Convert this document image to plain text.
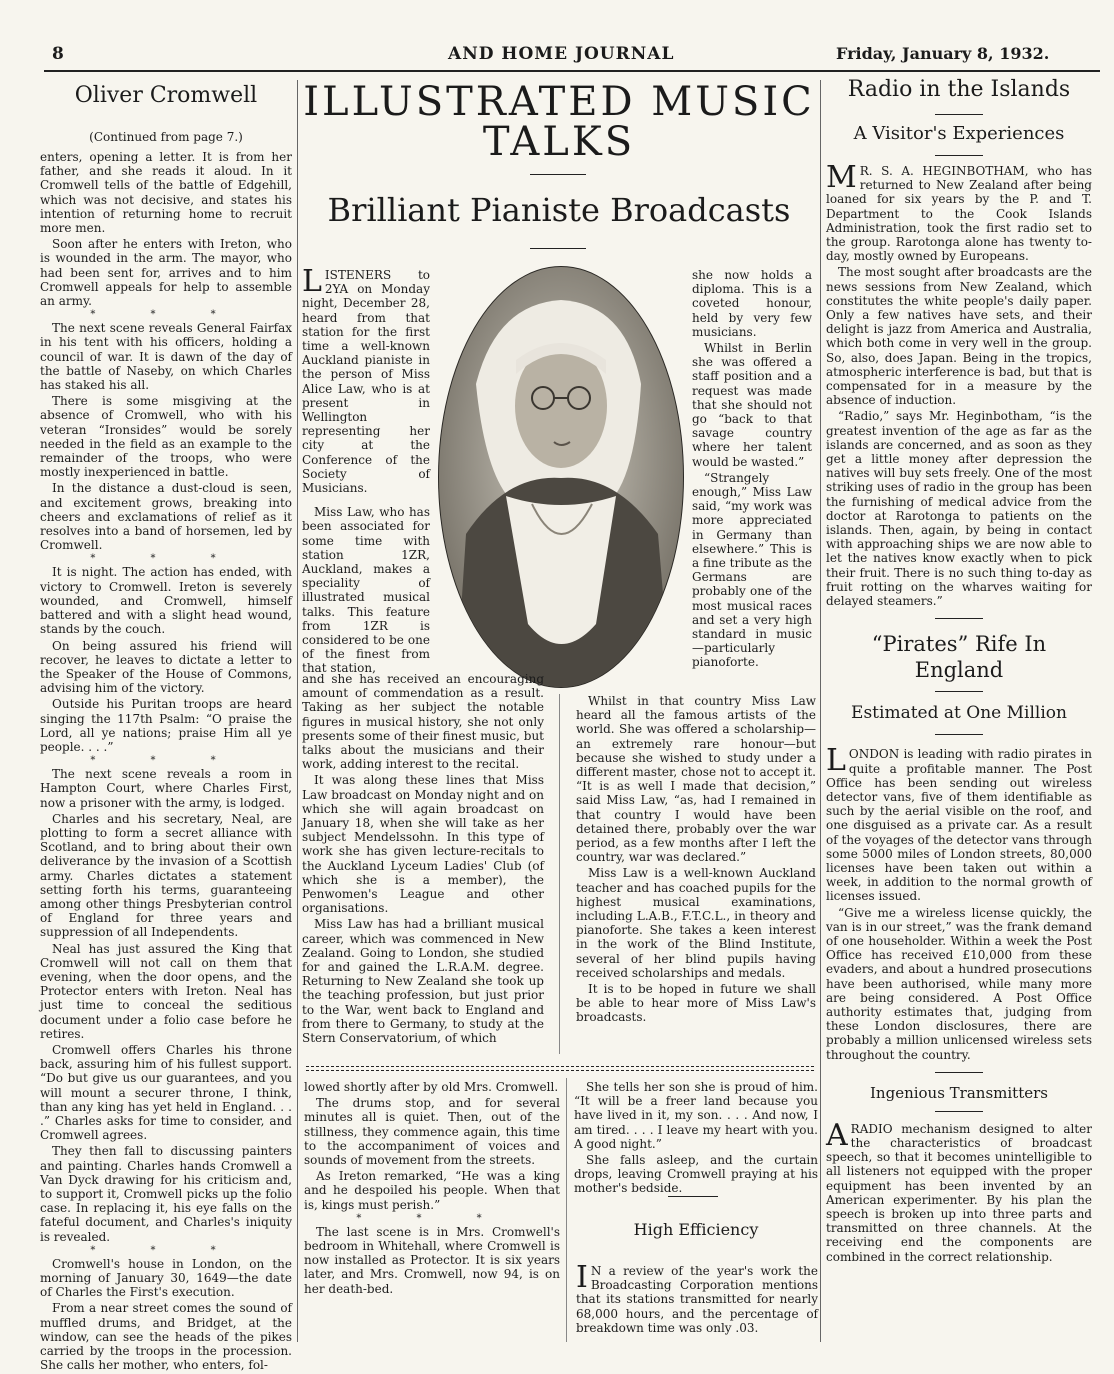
8	AND HOME JOURNAL	Friday, January 8, 1932.
Oliver Cromwell
(Continued from page 7.)

enters, opening a letter. It is from her father, and she reads it aloud. In it Cromwell tells of the battle of Edgehill, which was not decisive, and states his intention of returning home to recruit more men.

Soon after he enters with Ireton, who is wounded in the arm. The mayor, who had been sent for, arrives and to him Cromwell appeals for help to assemble an army.

* * *

The next scene reveals General Fairfax in his tent with his officers, holding a council of war. It is dawn of the day of the battle of Naseby, on which Charles has staked his all.

There is some misgiving at the absence of Cromwell, who with his veteran “Ironsides” would be sorely needed in the field as an example to the remainder of the troops, who were mostly inexperienced in battle.

In the distance a dust-cloud is seen, and excitement grows, breaking into cheers and exclamations of relief as it resolves into a band of horsemen, led by Cromwell.

* * *

It is night. The action has ended, with victory to Cromwell. Ireton is severely wounded, and Cromwell, himself battered and with a slight head wound, stands by the couch.

On being assured his friend will recover, he leaves to dictate a letter to the Speaker of the House of Commons, advising him of the victory.

Outside his Puritan troops are heard singing the 117th Psalm: “O praise the Lord, all ye nations; praise Him all ye people. . . .”

* * *

The next scene reveals a room in Hampton Court, where Charles First, now a prisoner with the army, is lodged.

Charles and his secretary, Neal, are plotting to form a secret alliance with Scotland, and to bring about their own deliverance by the invasion of a Scottish army. Charles dictates a statement setting forth his terms, guaranteeing among other things Presbyterian control of England for three years and suppression of all Independents.

Neal has just assured the King that Cromwell will not call on them that evening, when the door opens, and the Protector enters with Ireton. Neal has just time to conceal the seditious document under a folio case before he retires.

Cromwell offers Charles his throne back, assuring him of his fullest support. “Do but give us our guarantees, and you will mount a securer throne, I think, than any king has yet held in England. . . .” Charles asks for time to consider, and Cromwell agrees.

They then fall to discussing painters and painting. Charles hands Cromwell a Van Dyck drawing for his criticism and, to support it, Cromwell picks up the folio case. In replacing it, his eye falls on the fateful document, and Charles's iniquity is revealed.

* * *

Cromwell's house in London, on the morning of January 30, 1649—the date of Charles the First's execution.

From a near street comes the sound of muffled drums, and Bridget, at the window, can see the heads of the pikes carried by the troops in the procession. She calls her mother, who enters, fol-

ILLUSTRATED MUSIC TALKS
Brilliant Pianiste Broadcasts

LISTENERS to 2YA on Monday night, December 28, heard from that station for the first time a well-known Auckland pianiste in the person of Miss Alice Law, who is at present in Wellington representing her city at the Conference of the Society of Musicians.

Miss Law, who has been associated for some time with station 1ZR, Auckland, makes a speciality of illustrated musical talks. This feature from 1ZR is considered to be one of the finest from that station,

she now holds a diploma. This is a coveted honour, held by very few musicians.

Whilst in Berlin she was offered a staff position and a request was made that she should not go “back to that savage country where her talent would be wasted.”

“Strangely enough,” Miss Law said, “my work was more appreciated in Germany than elsewhere.” This is a fine tribute as the Germans are probably one of the most musical races and set a very high standard in music—particularly pianoforte.

and she has received an encouraging amount of commendation as a result. Taking as her subject the notable figures in musical history, she not only presents some of their finest music, but talks about the musicians and their work, adding interest to the recital.

It was along these lines that Miss Law broadcast on Monday night and on which she will again broadcast on January 18, when she will take as her subject Mendelssohn. In this type of work she has given lecture-recitals to the Auckland Lyceum Ladies' Club (of which she is a member), the Penwomen's League and other organisations.

Miss Law has had a brilliant musical career, which was commenced in New Zealand. Going to London, she studied for and gained the L.R.A.M. degree. Returning to New Zealand she took up the teaching profession, but just prior to the War, went back to England and from there to Germany, to study at the Stern Conservatorium, of which

Whilst in that country Miss Law heard all the famous artists of the world. She was offered a scholarship—an extremely rare honour—but because she wished to study under a different master, chose not to accept it. “It is as well I made that decision,” said Miss Law, “as, had I remained in that country I would have been detained there, probably over the war period, as a few months after I left the country, war was declared.”

Miss Law is a well-known Auckland teacher and has coached pupils for the highest musical examinations, including L.A.B., F.T.C.L., in theory and pianoforte. She takes a keen interest in the work of the Blind Institute, several of her blind pupils having received scholarships and medals.

It is to be hoped in future we shall be able to hear more of Miss Law's broadcasts.

lowed shortly after by old Mrs. Cromwell.

The drums stop, and for several minutes all is quiet. Then, out of the stillness, they commence again, this time to the accompaniment of voices and sounds of movement from the streets.

As Ireton remarked, “He was a king and he despoiled his people. When that is, kings must perish.”

* * *

The last scene is in Mrs. Cromwell's bedroom in Whitehall, where Cromwell is now installed as Protector. It is six years later, and Mrs. Cromwell, now 94, is on her death-bed.

She tells her son she is proud of him. “It will be a freer land because you have lived in it, my son. . . . And now, I am tired. . . . I leave my heart with you. A good night.”

She falls asleep, and the curtain drops, leaving Cromwell praying at his mother's bedside.

High Efficiency

I N a review of the year's work the Broadcasting Corporation mentions that its stations transmitted for nearly 68,000 hours, and the percentage of breakdown time was only .03.

Radio in the Islands
A Visitor's Experiences

M R. S. A. HEGINBOTHAM, who has returned to New Zealand after being loaned for six years by the P. and T. Department to the Cook Islands Administration, took the first radio set to the group. Rarotonga alone has twenty to-day, mostly owned by Europeans.

The most sought after broadcasts are the news sessions from New Zealand, which constitutes the white people's daily paper. Only a few natives have sets, and their delight is jazz from America and Australia, which both come in very well in the group. So, also, does Japan. Being in the tropics, atmospheric interference is bad, but that is compensated for in a measure by the absence of induction.

“Radio,” says Mr. Heginbotham, “is the greatest invention of the age as far as the islands are concerned, and as soon as they get a little money after depression the natives will buy sets freely. One of the most striking uses of radio in the group has been the furnishing of medical advice from the doctor at Rarotonga to patients on the islands. Then, again, by being in contact with approaching ships we are now able to let the natives know exactly when to pick their fruit. There is no such thing to-day as fruit rotting on the wharves waiting for delayed steamers.”

“Pirates” Rife In England
Estimated at One Million

LONDON is leading with radio pirates in quite a profitable manner. The Post Office has been sending out wireless detector vans, five of them identifiable as such by the aerial visible on the roof, and one disguised as a private car. As a result of the voyages of the detector vans through some 5000 miles of London streets, 80,000 licenses have been taken out within a week, in addition to the normal growth of licenses issued.

“Give me a wireless license quickly, the van is in our street,” was the frank demand of one householder. Within a week the Post Office has received £10,000 from these evaders, and about a hundred prosecutions have been authorised, while many more are being considered. A Post Office authority estimates that, judging from these London disclosures, there are probably a million unlicensed wireless sets throughout the country.

Ingenious Transmitters

ARADIO mechanism designed to alter the characteristics of broadcast speech, so that it becomes unintelligible to all listeners not equipped with the proper equipment has been invented by an American experimenter. By his plan the speech is broken up into three parts and transmitted on three channels. At the receiving end the components are combined in the correct relationship.
